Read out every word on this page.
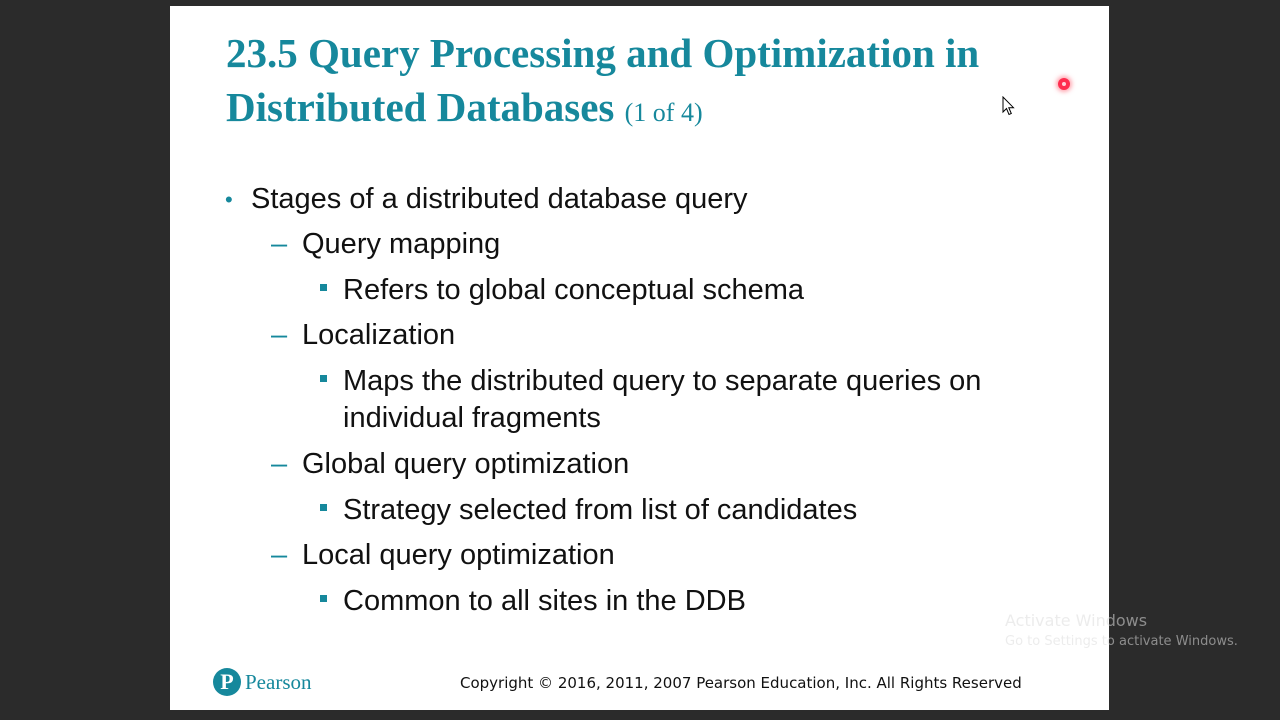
23.5 Query Processing and Optimization in
Distributed Databases (1 of 4)
• Stages of a distributed database query
– Query mapping
Refers to global conceptual schema
– Localization
Maps the distributed query to separate queries on individual fragments
– Global query optimization
Strategy selected from list of candidates
– Local query optimization
Common to all sites in the DDB
P Pearson	Copyright © 2016, 2011, 2007 Pearson Education, Inc. All Rights Reserved
Activate Windows
Go to Settings to activate Windows.
